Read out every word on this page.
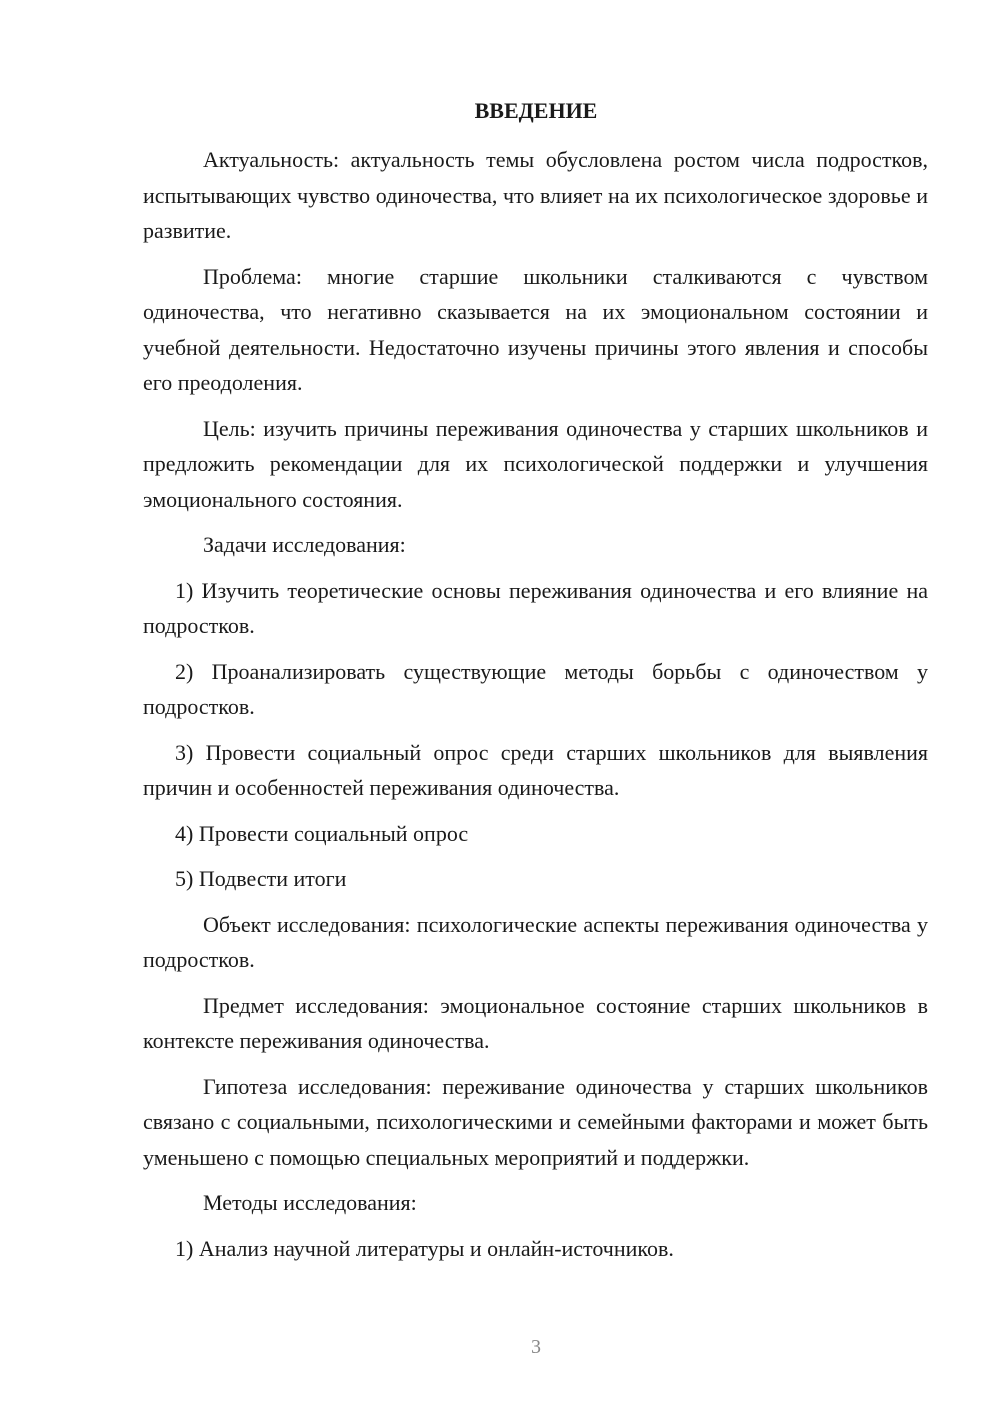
ВВЕДЕНИЕ

Актуальность: актуальность темы обусловлена ростом числа подростков, испытывающих чувство одиночества, что влияет на их психологическое здоровье и развитие.

Проблема: многие старшие школьники сталкиваются с чувством одиночества, что негативно сказывается на их эмоциональном состоянии и учебной деятельности. Недостаточно изучены причины этого явления и способы его преодоления.

Цель: изучить причины переживания одиночества у старших школьников и предложить рекомендации для их психологической поддержки и улучшения эмоционального состояния.

Задачи исследования:

1) Изучить теоретические основы переживания одиночества и его влияние на подростков.

2) Проанализировать существующие методы борьбы с одиночеством у подростков.

3) Провести социальный опрос среди старших школьников для выявления причин и особенностей переживания одиночества.

4) Провести социальный опрос

5) Подвести итоги

Объект исследования: психологические аспекты переживания одиночества у подростков.

Предмет исследования: эмоциональное состояние старших школьников в контексте переживания одиночества.

Гипотеза исследования: переживание одиночества у старших школьников связано с социальными, психологическими и семейными факторами и может быть уменьшено с помощью специальных мероприятий и поддержки.

Методы исследования:

1) Анализ научной литературы и онлайн-источников.

3
